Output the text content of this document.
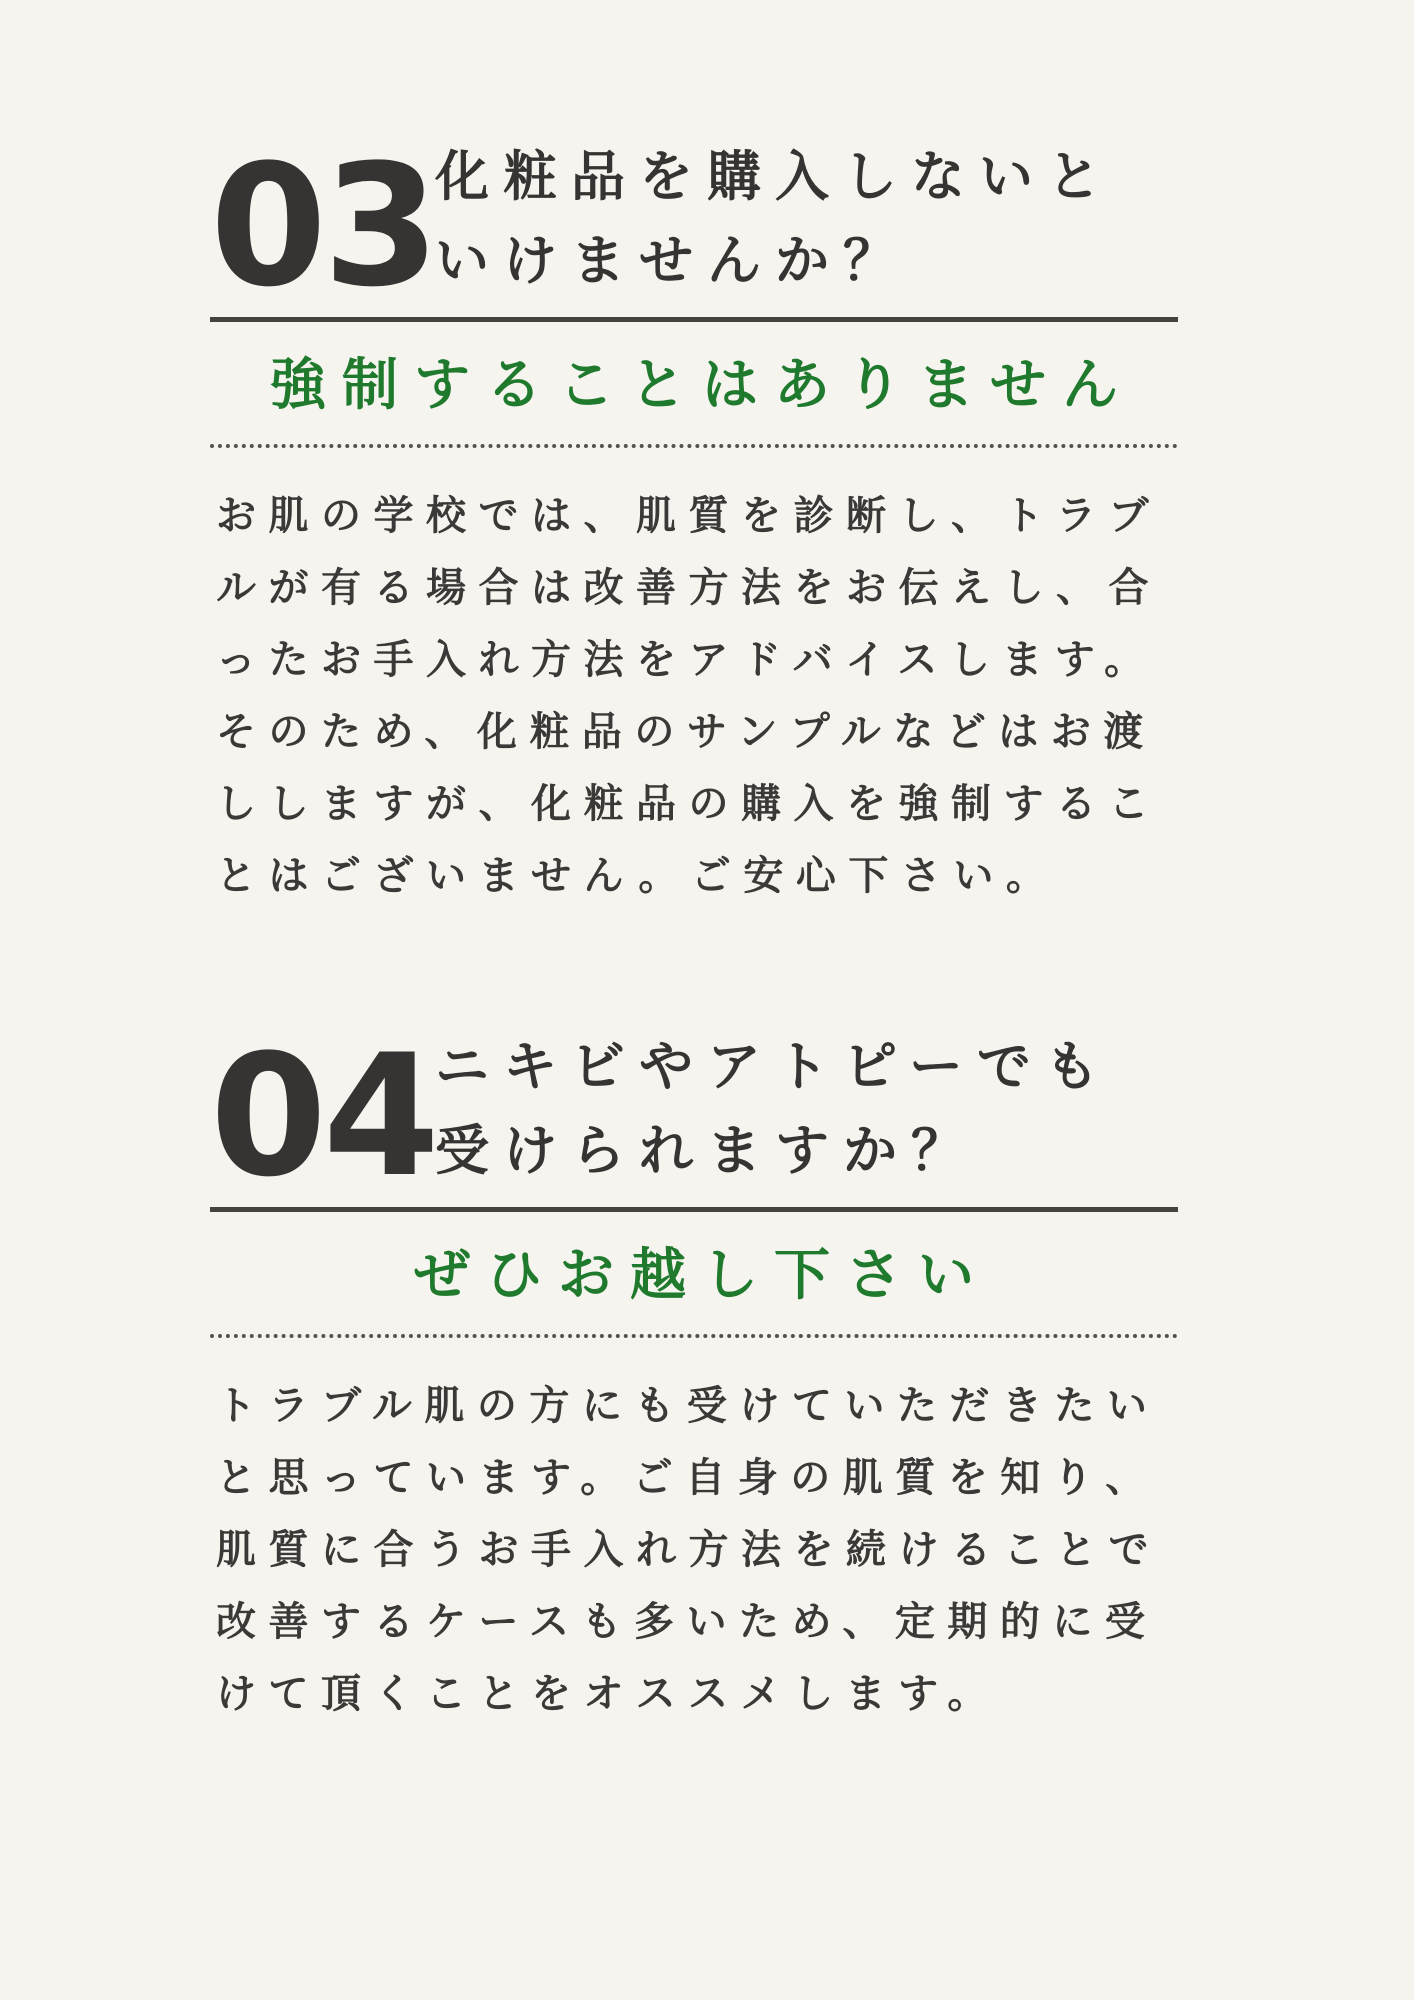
03 化粧品を購入しないと
いけませんか？
強制することはありません
お肌の学校では、肌質を診断し、トラブ
ルが有る場合は改善方法をお伝えし、合
ったお手入れ方法をアドバイスします。
そのため、化粧品のサンプルなどはお渡
ししますが、化粧品の購入を強制するこ
とはございません。ご安心下さい。
04 ニキビやアトピーでも
受けられますか？
ぜひお越し下さい
トラブル肌の方にも受けていただきたい
と思っています。ご自身の肌質を知り、
肌質に合うお手入れ方法を続けることで
改善するケースも多いため、定期的に受
けて頂くことをオススメします。
